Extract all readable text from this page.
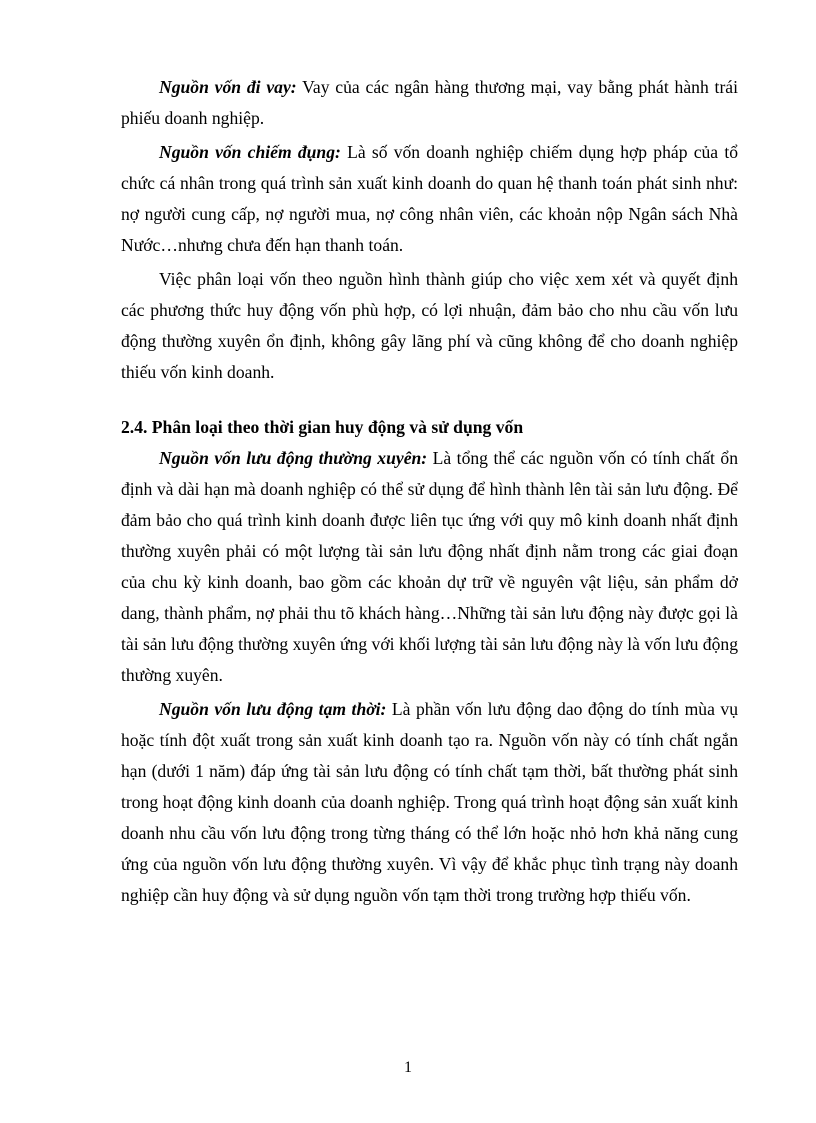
Nguồn vốn đi vay: Vay của các ngân hàng thương mại, vay bằng phát hành trái phiếu doanh nghiệp.

Nguồn vốn chiếm đụng: Là số vốn doanh nghiệp chiếm dụng hợp pháp của tổ chức cá nhân trong quá trình sản xuất kinh doanh do quan hệ thanh toán phát sinh như: nợ người cung cấp, nợ người mua, nợ công nhân viên, các khoản nộp Ngân sách Nhà Nước…nhưng chưa đến hạn thanh toán.

Việc phân loại vốn theo nguồn hình thành giúp cho việc xem xét và quyết định các phương thức huy động vốn phù hợp, có lợi nhuận, đảm bảo cho nhu cầu vốn lưu động thường xuyên ổn định, không gây lãng phí và cũng không để cho doanh nghiệp thiếu vốn kinh doanh.

2.4. Phân loại theo thời gian huy động và sử dụng vốn

Nguồn vốn lưu động thường xuyên: Là tổng thể các nguồn vốn có tính chất ổn định và dài hạn mà doanh nghiệp có thể sử dụng để hình thành lên tài sản lưu động. Để đảm bảo cho quá trình kinh doanh được liên tục ứng với quy mô kinh doanh nhất định thường xuyên phải có một lượng tài sản lưu động nhất định nằm trong các giai đoạn của chu kỳ kinh doanh, bao gồm các khoản dự trữ về nguyên vật liệu, sản phẩm dở dang, thành phẩm, nợ phải thu tõ khách hàng…Những tài sản lưu động này được gọi là tài sản lưu động thường xuyên ứng với khối lượng tài sản lưu động này là vốn lưu động thường xuyên.

Nguồn vốn lưu động tạm thời: Là phần vốn lưu động dao động do tính mùa vụ hoặc tính đột xuất trong sản xuất kinh doanh tạo ra. Nguồn vốn này có tính chất ngắn hạn (dưới 1 năm) đáp ứng tài sản lưu động có tính chất tạm thời, bất thường phát sinh trong hoạt động kinh doanh của doanh nghiệp. Trong quá trình hoạt động sản xuất kinh doanh nhu cầu vốn lưu động trong từng tháng có thể lớn hoặc nhỏ hơn khả năng cung ứng của nguồn vốn lưu động thường xuyên. Vì vậy để khắc phục tình trạng này doanh nghiệp cần huy động và sử dụng nguồn vốn tạm thời trong trường hợp thiếu vốn.

1
